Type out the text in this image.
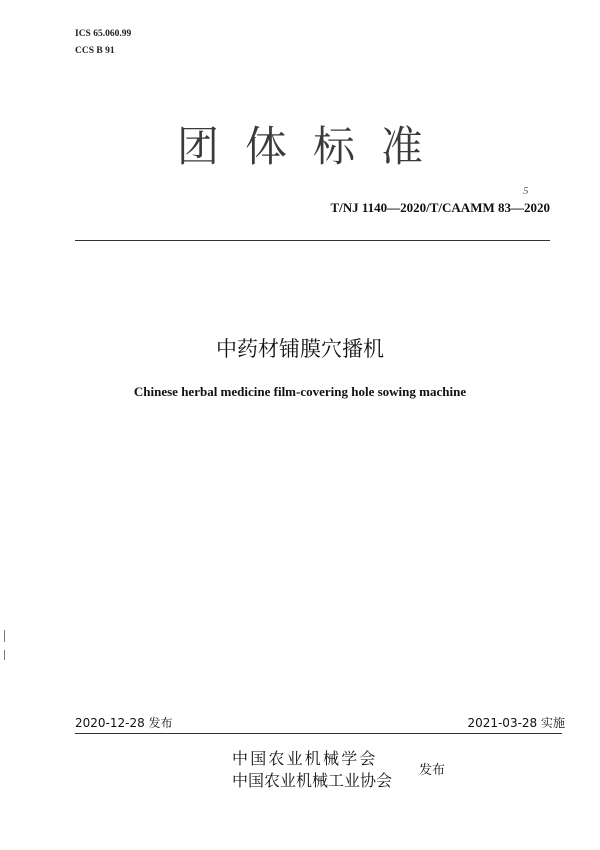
ICS 65.060.99
CCS B 91
团体标准
5
T/NJ 1140—2020/T/CAAMM 83—2020
中药材铺膜穴播机
Chinese herbal medicine film-covering hole sowing machine
2020-12-28 发布	2021-03-28 实施
中国农业机械学会
中国农业机械工业协会
发布
